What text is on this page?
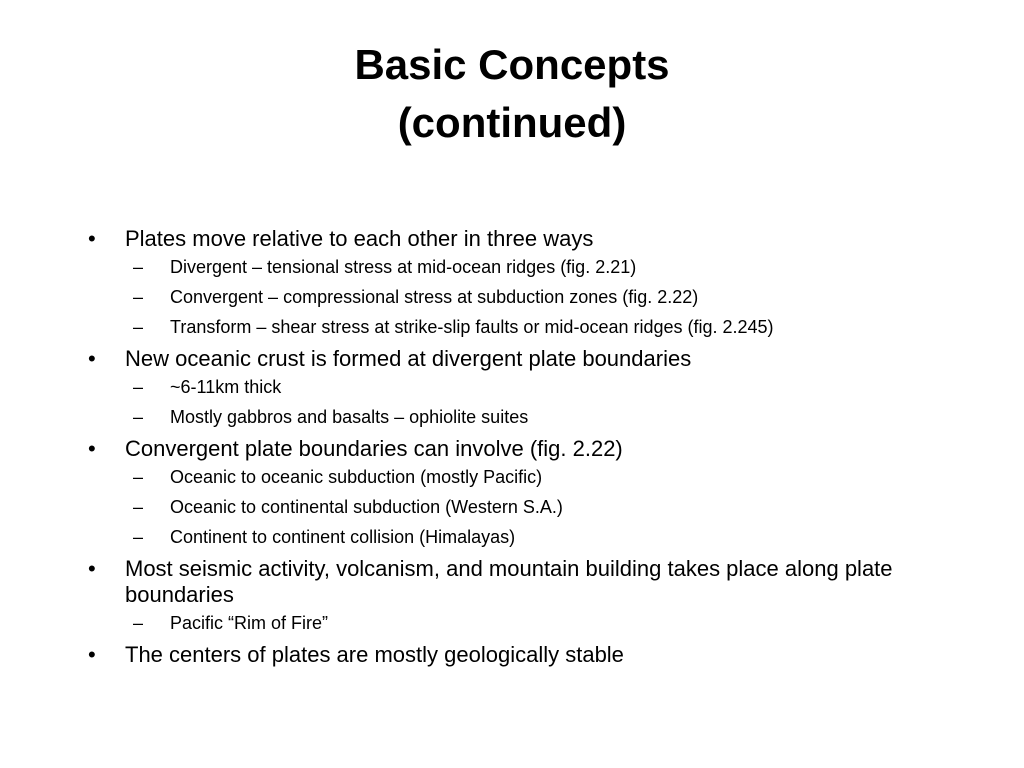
Basic Concepts
(continued)
• Plates move relative to each other in three ways
– Divergent – tensional stress at mid-ocean ridges (fig. 2.21)
– Convergent – compressional stress at subduction zones (fig. 2.22)
– Transform – shear stress at strike-slip faults or mid-ocean ridges (fig. 2.245)
• New oceanic crust is formed at divergent plate boundaries
– ~6-11km thick
– Mostly gabbros and basalts – ophiolite suites
• Convergent plate boundaries can involve (fig. 2.22)
– Oceanic to oceanic subduction (mostly Pacific)
– Oceanic to continental subduction (Western S.A.)
– Continent to continent collision (Himalayas)
• Most seismic activity, volcanism, and mountain building takes place along plate boundaries
– Pacific “Rim of Fire”
• The centers of plates are mostly geologically stable
